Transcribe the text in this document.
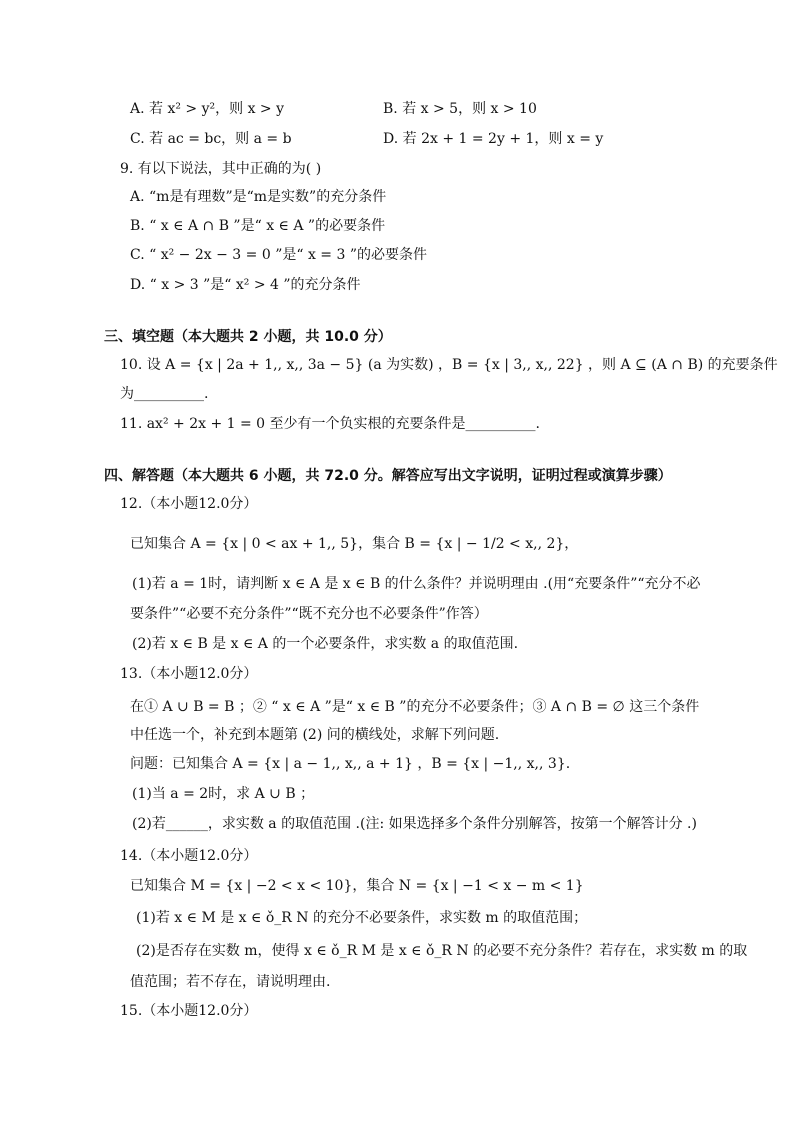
A. 若 x² > y²，则 x > y	B. 若 x > 5，则 x > 10
C. 若 ac = bc，则 a = b	D. 若 2x + 1 = 2y + 1，则 x = y
9. 有以下说法，其中正确的为( )
A. “m是有理数”是“m是实数”的充分条件
B. “ x ∈ A ∩ B ”是“ x ∈ A ”的必要条件
C. “ x² − 2x − 3 = 0 ”是“ x = 3 ”的必要条件
D. “ x > 3 ”是“ x² > 4 ”的充分条件
三、填空题（本大题共 2 小题，共 10.0 分）
10. 设 A = {x | 2a + 1,, x,, 3a − 5} (a 为实数) ，B = {x | 3,, x,, 22} ，则 A ⊆ (A ∩ B) 的充要条件
为__________.
11. ax² + 2x + 1 = 0 至少有一个负实根的充要条件是__________.
四、解答题（本大题共 6 小题，共 72.0 分。解答应写出文字说明，证明过程或演算步骤）
12.（本小题12.0分）
已知集合 A = {x | 0 < ax + 1,, 5}，集合 B = {x | − 1/2 < x,, 2}，
(1)若 a = 1时，请判断 x ∈ A 是 x ∈ B 的什么条件？并说明理由 .(用“充要条件”“充分不必
要条件”“必要不充分条件”“既不充分也不必要条件”作答）
(2)若 x ∈ B 是 x ∈ A 的一个必要条件，求实数 a 的取值范围.
13.（本小题12.0分）
在① A ∪ B = B ；② “ x ∈ A ”是“ x ∈ B ”的充分不必要条件；③ A ∩ B = ∅ 这三个条件
中任选一个，补充到本题第 (2) 问的横线处，求解下列问题.
问题：已知集合 A = {x | a − 1,, x,, a + 1} ，B = {x | −1,, x,, 3}.
(1)当 a = 2时，求 A ∪ B ；
(2)若______，求实数 a 的取值范围 .(注: 如果选择多个条件分别解答，按第一个解答计分 .)
14.（本小题12.0分）
已知集合 M = {x | −2 < x < 10}，集合 N = {x | −1 < x − m < 1}
(1)若 x ∈ M 是 x ∈ ǒ_R N 的充分不必要条件，求实数 m 的取值范围；
(2)是否存在实数 m，使得 x ∈ ǒ_R M 是 x ∈ ǒ_R N 的必要不充分条件？若存在，求实数 m 的取
值范围；若不存在，请说明理由.
15.（本小题12.0分）
